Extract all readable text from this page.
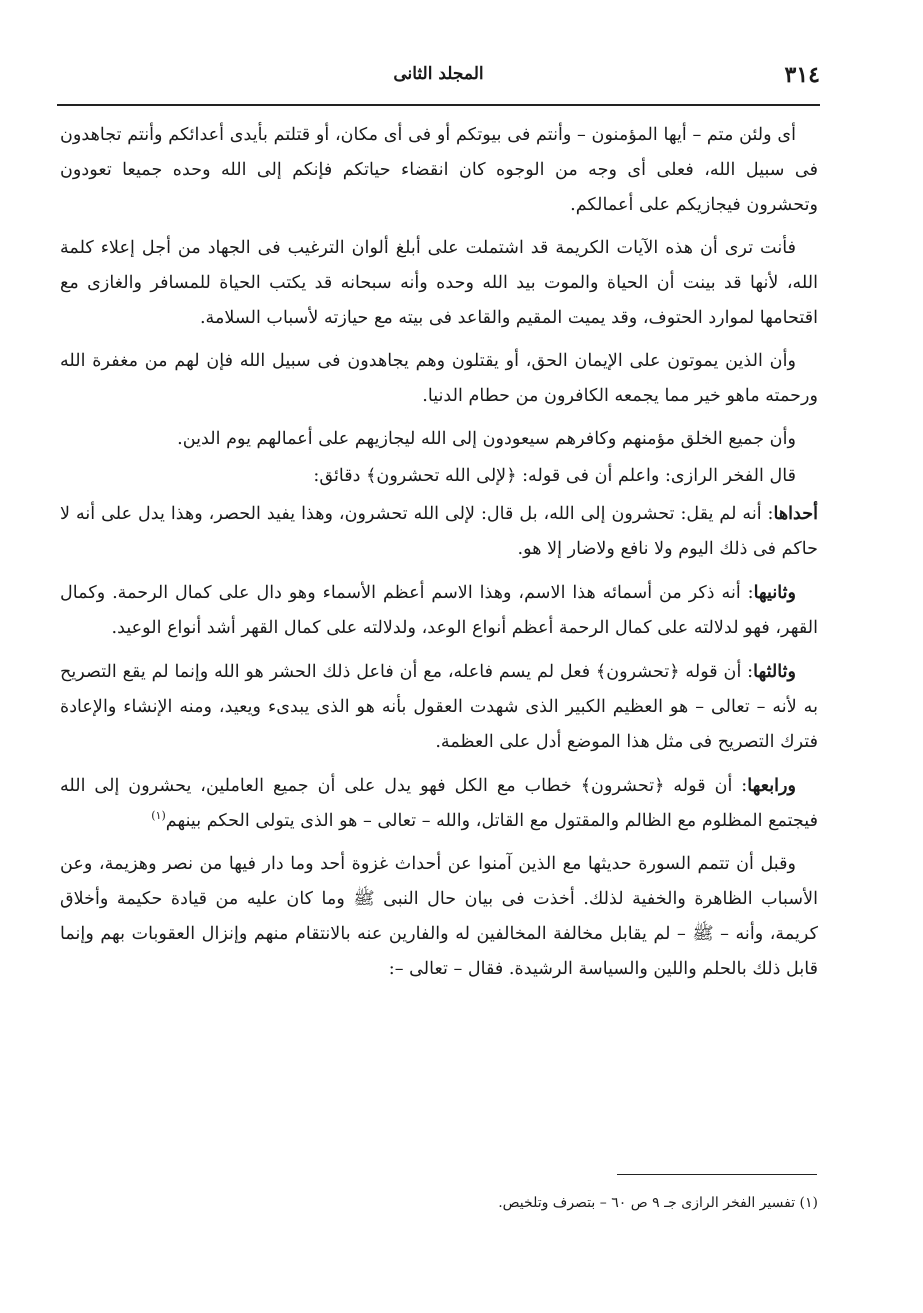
٣١٤
المجلد الثانى

أى ولئن متم – أيها المؤمنون – وأنتم فى بيوتكم أو فى أى مكان، أو قتلتم بأيدى أعدائكم وأنتم تجاهدون فى سبيل الله، فعلى أى وجه من الوجوه كان انقضاء حياتكم فإنكم إلى الله وحده جميعا تعودون وتحشرون فيجازيكم على أعمالكم.

فأنت ترى أن هذه الآيات الكريمة قد اشتملت على أبلغ ألوان الترغيب فى الجهاد من أجل إعلاء كلمة الله، لأنها قد بينت أن الحياة والموت بيد الله وحده وأنه سبحانه قد يكتب الحياة للمسافر والغازى مع اقتحامها لموارد الحتوف، وقد يميت المقيم والقاعد فى بيته مع حيازته لأسباب السلامة.

وأن الذين يموتون على الإيمان الحق، أو يقتلون وهم يجاهدون فى سبيل الله فإن لهم من مغفرة الله ورحمته ماهو خير مما يجمعه الكافرون من حطام الدنيا.

وأن جميع الخلق مؤمنهم وكافرهم سيعودون إلى الله ليجازيهم على أعمالهم يوم الدين.

قال الفخر الرازى: واعلم أن فى قوله: ﴿لإلى الله تحشرون﴾ دقائق:

أحداها: أنه لم يقل: تحشرون إلى الله، بل قال: لإلى الله تحشرون، وهذا يفيد الحصر، وهذا يدل على أنه لا حاكم فى ذلك اليوم ولا نافع ولاضار إلا هو.

وثانيها: أنه ذكر من أسمائه هذا الاسم، وهذا الاسم أعظم الأسماء وهو دال على كمال الرحمة. وكمال القهر، فهو لدلالته على كمال الرحمة أعظم أنواع الوعد، ولدلالته على كمال القهر أشد أنواع الوعيد.

وثالثها: أن قوله ﴿تحشرون﴾ فعل لم يسم فاعله، مع أن فاعل ذلك الحشر هو الله وإنما لم يقع التصريح به لأنه – تعالى – هو العظيم الكبير الذى شهدت العقول بأنه هو الذى يبدىء ويعيد، ومنه الإنشاء والإعادة فترك التصريح فى مثل هذا الموضع أدل على العظمة.

ورابعها: أن قوله ﴿تحشرون﴾ خطاب مع الكل فهو يدل على أن جميع العاملين، يحشرون إلى الله فيجتمع المظلوم مع الظالم والمقتول مع القاتل، والله – تعالى – هو الذى يتولى الحكم بينهم$^{(١)}$

وقبل أن تتمم السورة حديثها مع الذين آمنوا عن أحداث غزوة أحد وما دار فيها من نصر وهزيمة، وعن الأسباب الظاهرة والخفية لذلك. أخذت فى بيان حال النبى ﷺ وما كان عليه من قيادة حكيمة وأخلاق كريمة، وأنه – ﷺ – لم يقابل مخالفة المخالفين له والفارين عنه بالانتقام منهم وإنزال العقوبات بهم وإنما قابل ذلك بالحلم واللين والسياسة الرشيدة. فقال – تعالى –:

(١) تفسير الفخر الرازى جـ ٩ ص ٦٠ – بتصرف وتلخيص.
